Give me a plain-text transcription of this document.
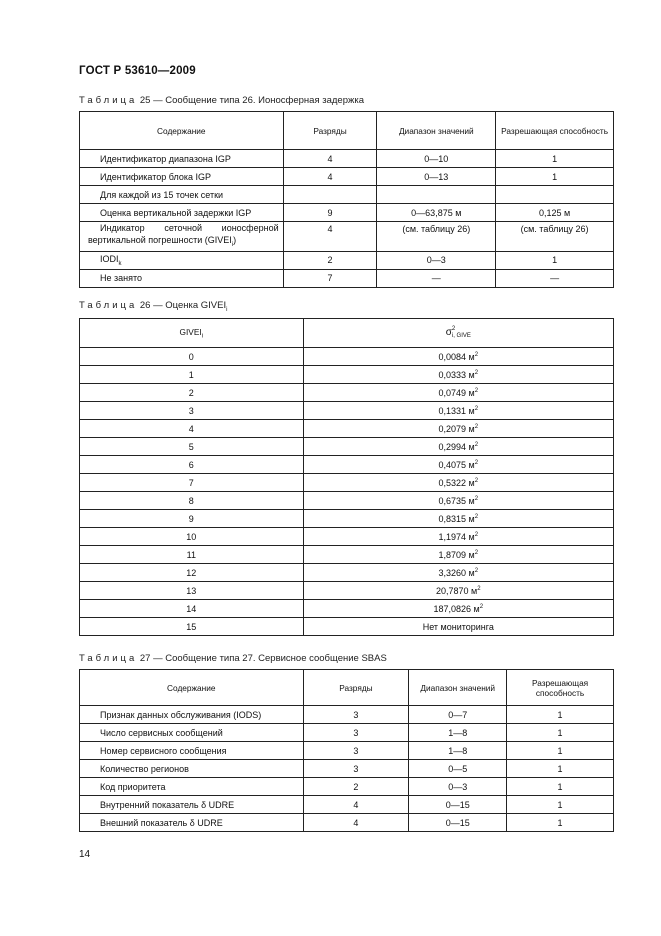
ГОСТ Р 53610—2009
Таблица 25 — Сообщение типа 26. Ионосферная задержка
Содержание	Разряды	Диапазон значений	Разрешающая способность
Идентификатор диапазона IGP	4	0—10	1
Идентификатор блока IGP	4	0—13	1
Для каждой из 15 точек сетки			
Оценка вертикальной задержки IGP	9	0—63,875 м	0,125 м

Индикатор сеточной ионосферной
вертикальной погрешности $(GIVEI_i)$	4	(см. таблицу 26)	(см. таблицу 26)
$IODI_k$	2	0—3	1
Не занято	7	—	—
Таблица 26 — Оценка $GIVEI_i$
$GIVEI_i$	σ 2
i, GIVE

0	0,0084 $м^2$
1	0,0333 $м^2$
2	0,0749 $м^2$
3	0,1331 $м^2$
4	0,2079 $м^2$
5	0,2994 $м^2$
6	0,4075 $м^2$
7	0,5322 $м^2$
8	0,6735 $м^2$
9	0,8315 $м^2$
10	1,1974 $м^2$
11	1,8709 $м^2$
12	3,3260 $м^2$
13	20,7870 $м^2$
14	187,0826 $м^2$
15	Нет мониторинга
Таблица 27 — Сообщение типа 27. Сервисное сообщение SBAS
Содержание	Разряды	Диапазон значений	Разрешающая способность
Признак данных обслуживания (IODS)	3	0—7	1
Число сервисных сообщений	3	1—8	1
Номер сервисного сообщения	3	1—8	1
Количество регионов	3	0—5	1
Код приоритета	2	0—3	1
Внутренний показатель δ UDRE	4	0—15	1
Внешний показатель δ UDRE	4	0—15	1
14
